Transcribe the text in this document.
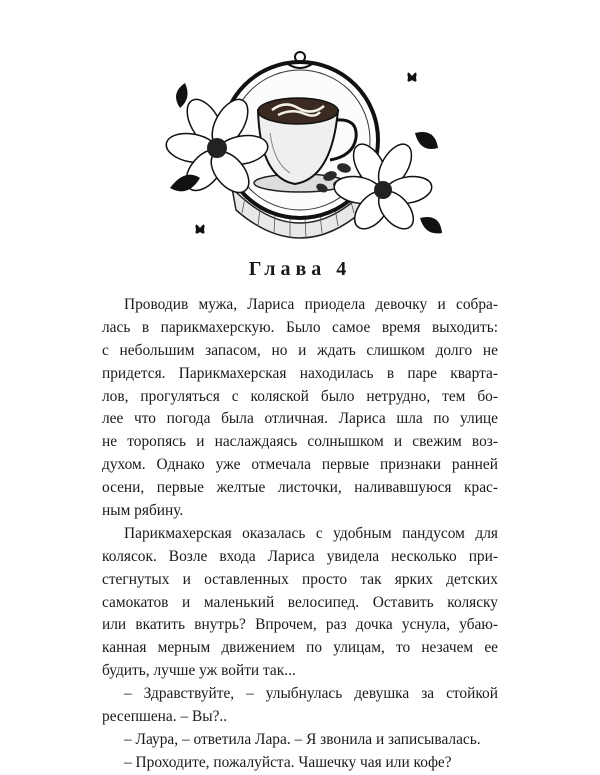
Глава 4
Проводив мужа, Лариса приодела девочку и собра-
лась в парикмахерскую. Было самое время выходить:
с небольшим запасом, но и ждать слишком долго не
придется. Парикмахерская находилась в паре кварта-
лов, прогуляться с коляской было нетрудно, тем бо-
лее что погода была отличная. Лариса шла по улице
не торопясь и наслаждаясь солнышком и свежим воз-
духом. Однако уже отмечала первые признаки ранней
осени, первые желтые листочки, наливавшуюся крас-
ным рябину.
Парикмахерская оказалась с удобным пандусом для
колясок. Возле входа Лариса увидела несколько при-
стегнутых и оставленных просто так ярких детских
самокатов и маленький велосипед. Оставить коляску
или вкатить внутрь? Впрочем, раз дочка уснула, убаю-
канная мерным движением по улицам, то незачем ее
будить, лучше уж войти так...
– Здравствуйте, – улыбнулась девушка за стойкой
ресепшена. – Вы?..
– Лаура, – ответила Лара. – Я звонила и записывалась.
– Проходите, пожалуйста. Чашечку чая или кофе?
